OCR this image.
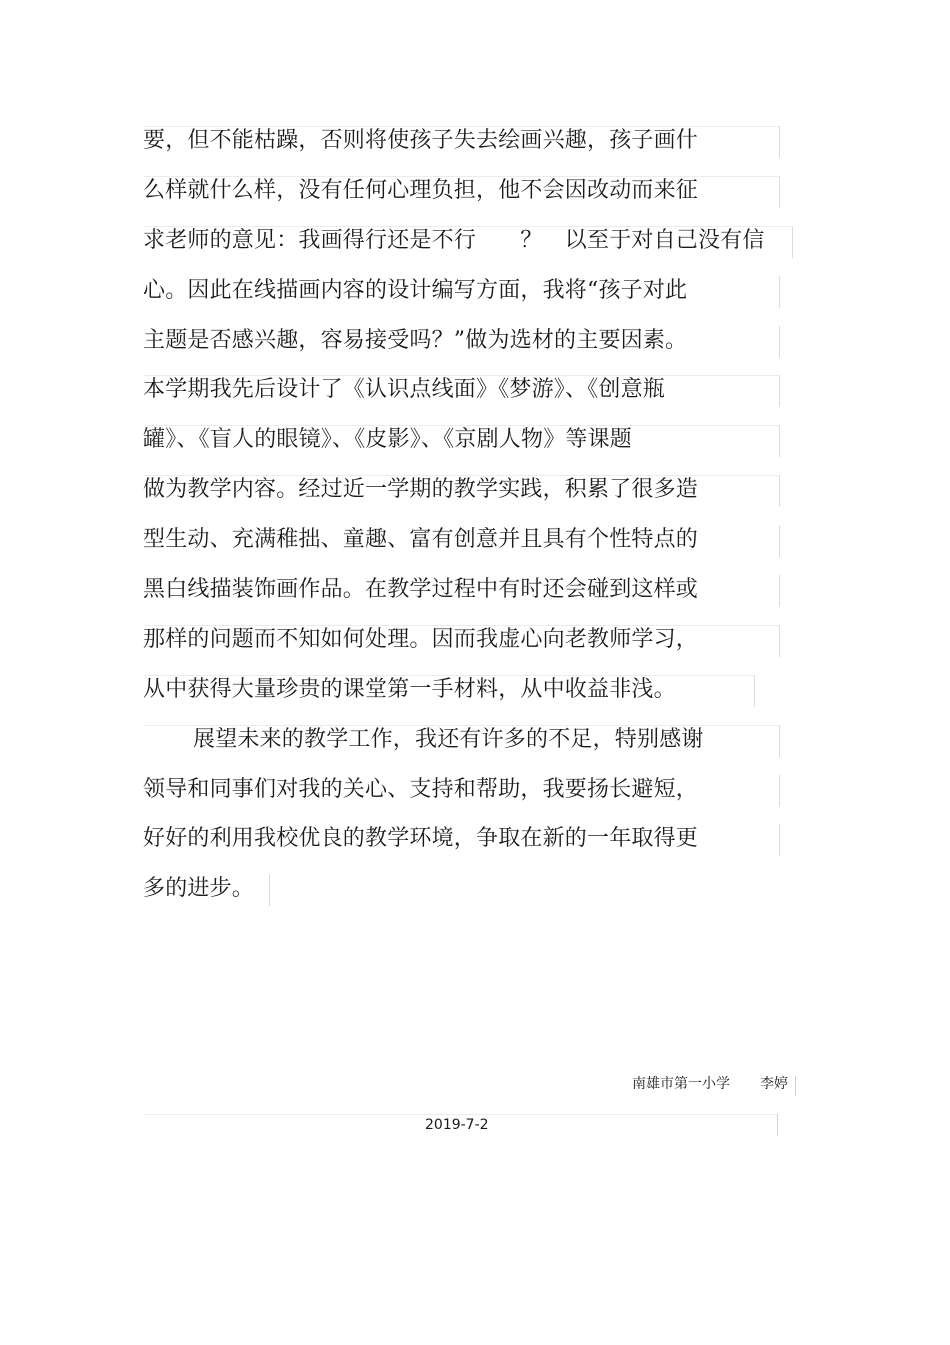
要，但不能枯躁，否则将使孩子失去绘画兴趣，孩子画什
么样就什么样，没有任何心理负担，他不会因改动而来征
求老师的意见：我画得行还是不行　　？　以至于对自己没有信
心。因此在线描画内容的设计编写方面，我将“孩子对此
主题是否感兴趣，容易接受吗？”做为选材的主要因素。
本学期我先后设计了《认识点线面》《梦游》、《创意瓶
罐》、《盲人的眼镜》、《皮影》、《京剧人物》等课题
做为教学内容。经过近一学期的教学实践，积累了很多造
型生动、充满稚拙、童趣、富有创意并且具有个性特点的
黑白线描装饰画作品。在教学过程中有时还会碰到这样或
那样的问题而不知如何处理。因而我虚心向老教师学习，
从中获得大量珍贵的课堂第一手材料，从中收益非浅。
展望未来的教学工作，我还有许多的不足，特别感谢
领导和同事们对我的关心、支持和帮助，我要扬长避短，
好好的利用我校优良的教学环境，争取在新的一年取得更
多的进步。
南雄市第一小学 李婷
2019-7-2
